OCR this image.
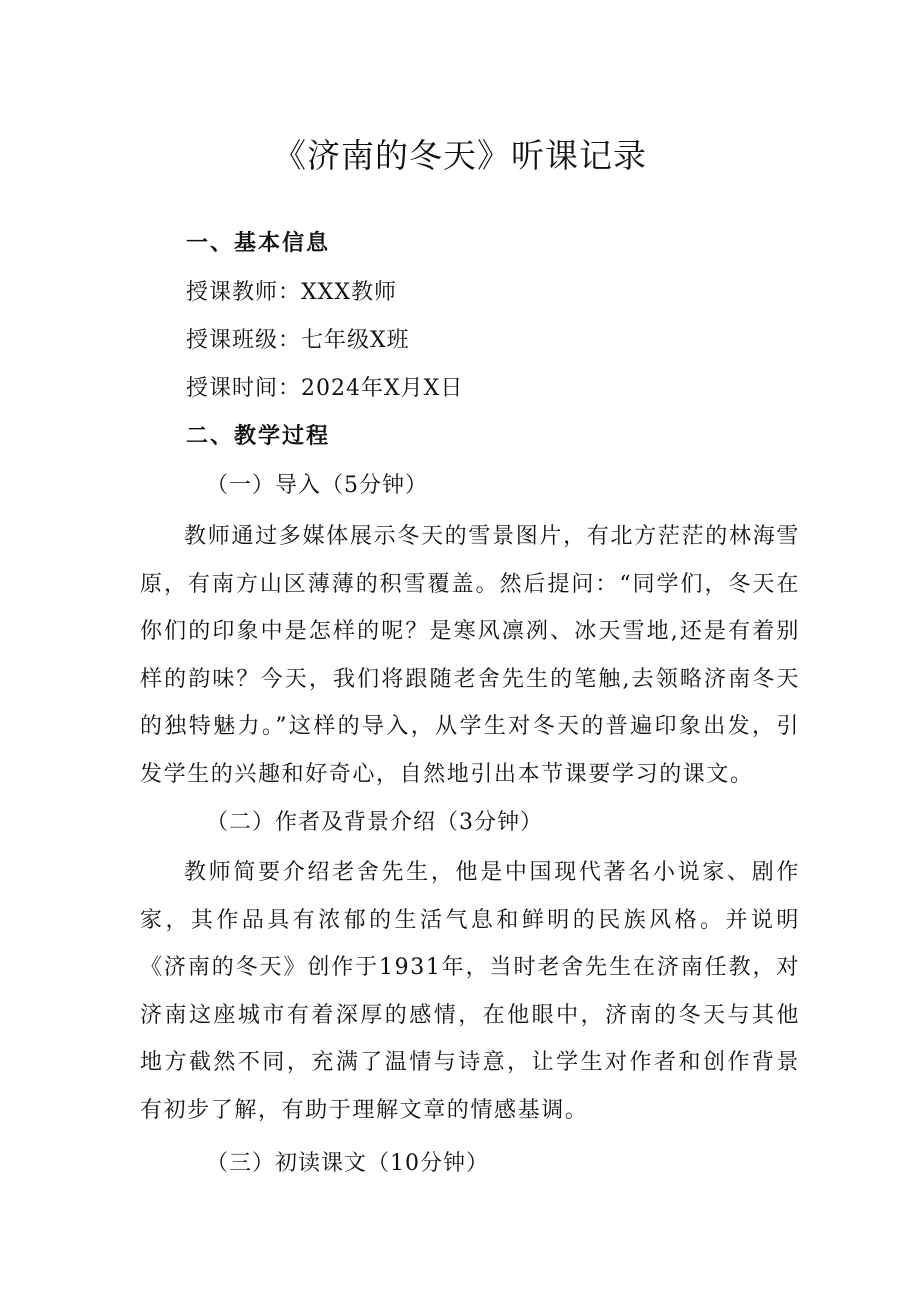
《济南的冬天》听课记录
一、基本信息
授课教师：XXX教师
授课班级：七年级X班
授课时间：2024年X月X日
二、教学过程
（一）导入（5分钟）

教师通过多媒体展示冬天的雪景图片，有北方茫茫的林海雪原，有南方山区薄薄的积雪覆盖。然后提问：“同学们，冬天在你们的印象中是怎样的呢？是寒风凛冽、冰天雪地,还是有着别样的韵味？今天，我们将跟随老舍先生的笔触,去领略济南冬天的独特魅力。”这样的导入，从学生对冬天的普遍印象出发，引发学生的兴趣和好奇心，自然地引出本节课要学习的课文。

（二）作者及背景介绍（3分钟）

教师简要介绍老舍先生，他是中国现代著名小说家、剧作家，其作品具有浓郁的生活气息和鲜明的民族风格。并说明《济南的冬天》创作于1931年，当时老舍先生在济南任教，对济南这座城市有着深厚的感情，在他眼中，济南的冬天与其他地方截然不同，充满了温情与诗意，让学生对作者和创作背景有初步了解，有助于理解文章的情感基调。

（三）初读课文（10分钟）
